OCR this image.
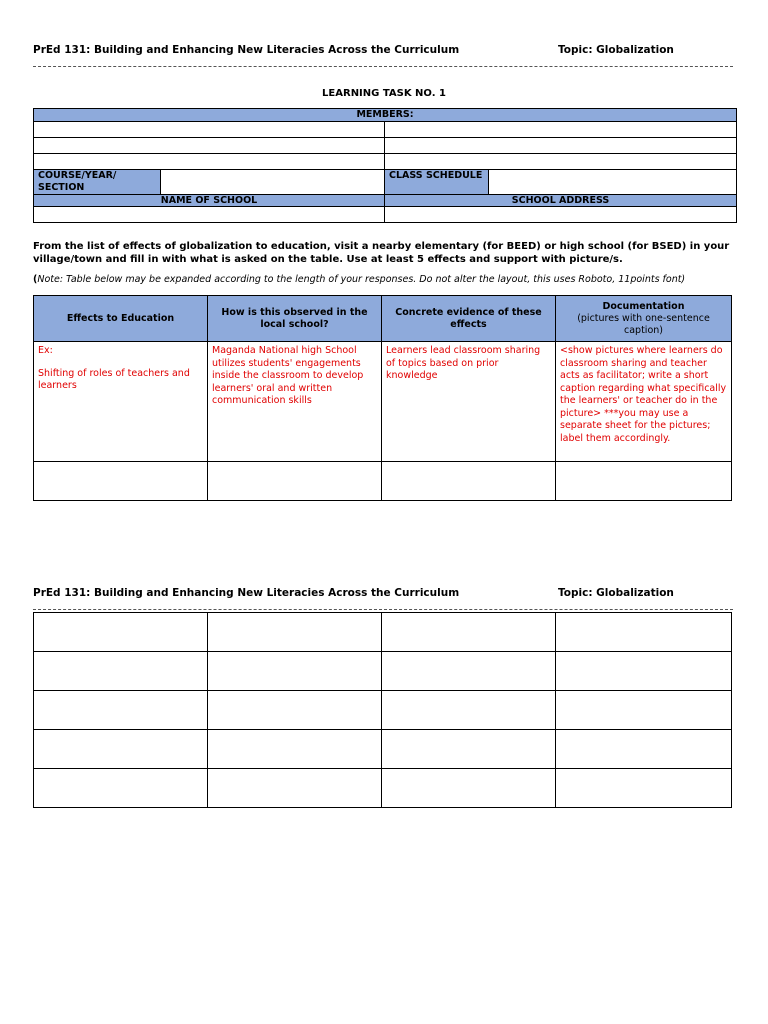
PrEd 131: Building and Enhancing New Literacies Across the Curriculum	Topic: Globalization
LEARNING TASK NO. 1
MEMBERS:			

COURSE/YEAR/ SECTION		CLASS SCHEDULE	
NAME OF SCHOOL		SCHOOL ADDRESS	

From the list of effects of globalization to education, visit a nearby elementary (for BEED) or high school (for BSED) in your village/town and fill in with what is asked on the table. Use at least 5 effects and support with picture/s.
(Note: Table below may be expanded according to the length of your responses. Do not alter the layout, this uses Roboto, 11points font)
Effects to Education	How is this observed in the local school?	Concrete evidence of these effects	Documentation
(pictures with one-sentence caption)

Ex:
Shifting of roles of teachers and learners	Maganda National high School utilizes students' engagements inside the classroom to develop learners' oral and written communication skills	Learners lead classroom sharing of topics based on prior knowledge	<show pictures where learners do classroom sharing and teacher acts as facilitator; write a short caption regarding what specifically the learners' or teacher do in the picture> ***you may use a separate sheet for the pictures; label them accordingly.

PrEd 131: Building and Enhancing New Literacies Across the Curriculum	Topic: Globalization
